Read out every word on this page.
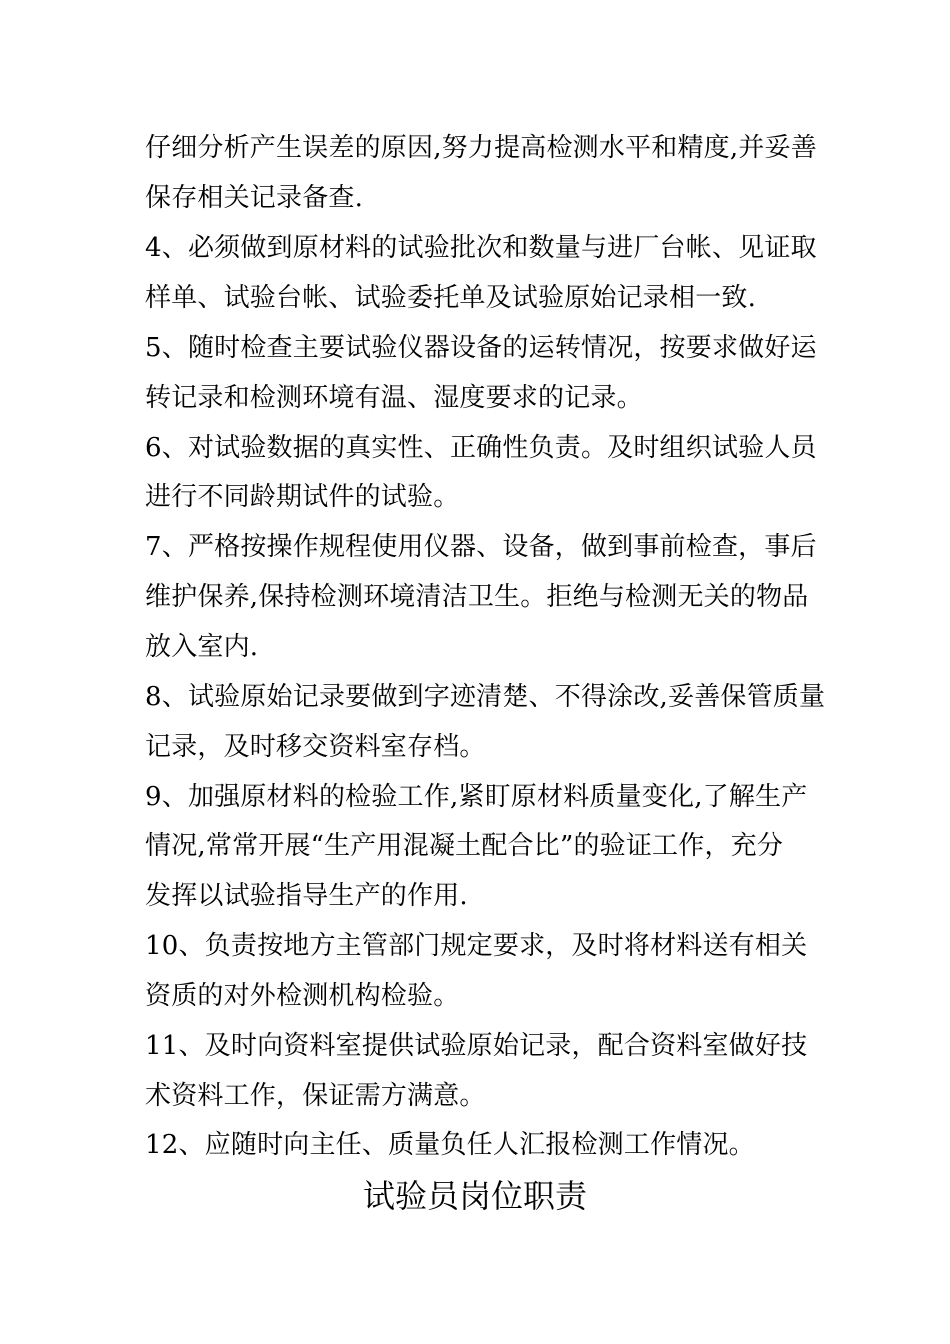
仔细分析产生误差的原因,努力提高检测水平和精度,并妥善
保存相关记录备查.
4、必须做到原材料的试验批次和数量与进厂台帐、见证取
样单、试验台帐、试验委托单及试验原始记录相一致.
5、随时检查主要试验仪器设备的运转情况，按要求做好运
转记录和检测环境有温、湿度要求的记录。
6、对试验数据的真实性、正确性负责。及时组织试验人员
进行不同龄期试件的试验。
7、严格按操作规程使用仪器、设备，做到事前检查，事后
维护保养,保持检测环境清洁卫生。拒绝与检测无关的物品
放入室内.
8、试验原始记录要做到字迹清楚、不得涂改,妥善保管质量
记录，及时移交资料室存档。
9、加强原材料的检验工作,紧盯原材料质量变化,了解生产
情况,常常开展“生产用混凝土配合比”的验证工作，充分
发挥以试验指导生产的作用.
10、负责按地方主管部门规定要求，及时将材料送有相关
资质的对外检测机构检验。
11、及时向资料室提供试验原始记录，配合资料室做好技
术资料工作，保证需方满意。
12、应随时向主任、质量负任人汇报检测工作情况。
试验员岗位职责
